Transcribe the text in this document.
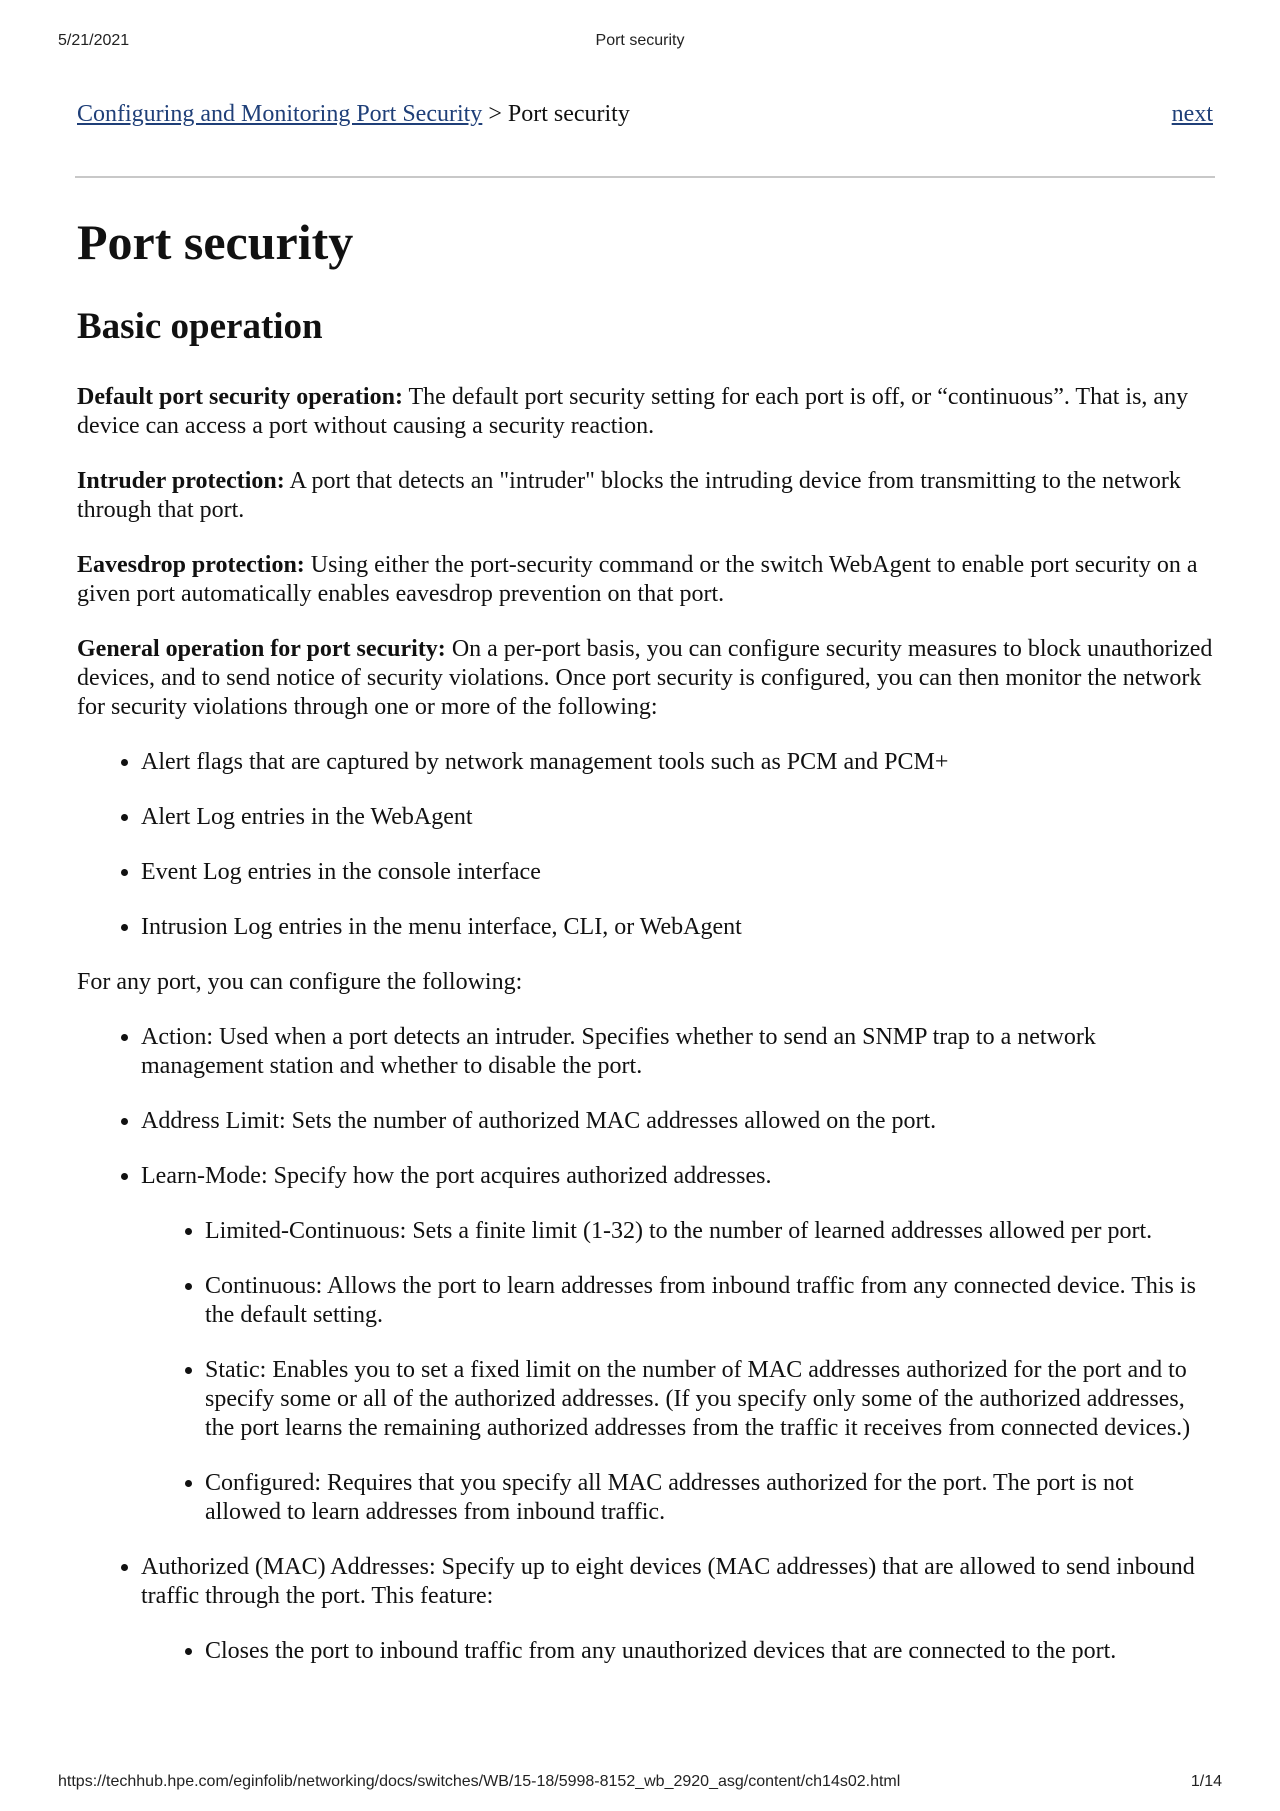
5/21/2021	Port security
Configuring and Monitoring Port Security > Port security	next
Port security
Basic operation

Default port security operation: The default port security setting for each port is off, or “continuous”. That is, any device can access a port without causing a security reaction.

Intruder protection: A port that detects an "intruder" blocks the intruding device from transmitting to the network through that port.

Eavesdrop protection: Using either the port-security command or the switch WebAgent to enable port security on a given port automatically enables eavesdrop prevention on that port.

General operation for port security: On a per-port basis, you can configure security measures to block unauthorized devices, and to send notice of security violations. Once port security is configured, you can then monitor the network for security violations through one or more of the following:

• Alert flags that are captured by network management tools such as PCM and PCM+
• Alert Log entries in the WebAgent
• Event Log entries in the console interface
• Intrusion Log entries in the menu interface, CLI, or WebAgent

For any port, you can configure the following:

• Action: Used when a port detects an intruder. Specifies whether to send an SNMP trap to a network management station and whether to disable the port.
• Address Limit: Sets the number of authorized MAC addresses allowed on the port.
• Learn-Mode: Specify how the port acquires authorized addresses.
• Limited-Continuous: Sets a finite limit (1-32) to the number of learned addresses allowed per port.
• Continuous: Allows the port to learn addresses from inbound traffic from any connected device. This is the default setting.
• Static: Enables you to set a fixed limit on the number of MAC addresses authorized for the port and to specify some or all of the authorized addresses. (If you specify only some of the authorized addresses, the port learns the remaining authorized addresses from the traffic it receives from connected devices.)
• Configured: Requires that you specify all MAC addresses authorized for the port. The port is not allowed to learn addresses from inbound traffic.
• Authorized (MAC) Addresses: Specify up to eight devices (MAC addresses) that are allowed to send inbound traffic through the port. This feature:
• Closes the port to inbound traffic from any unauthorized devices that are connected to the port.
https://techhub.hpe.com/eginfolib/networking/docs/switches/WB/15-18/5998-8152_wb_2920_asg/content/ch14s02.html	1/14
